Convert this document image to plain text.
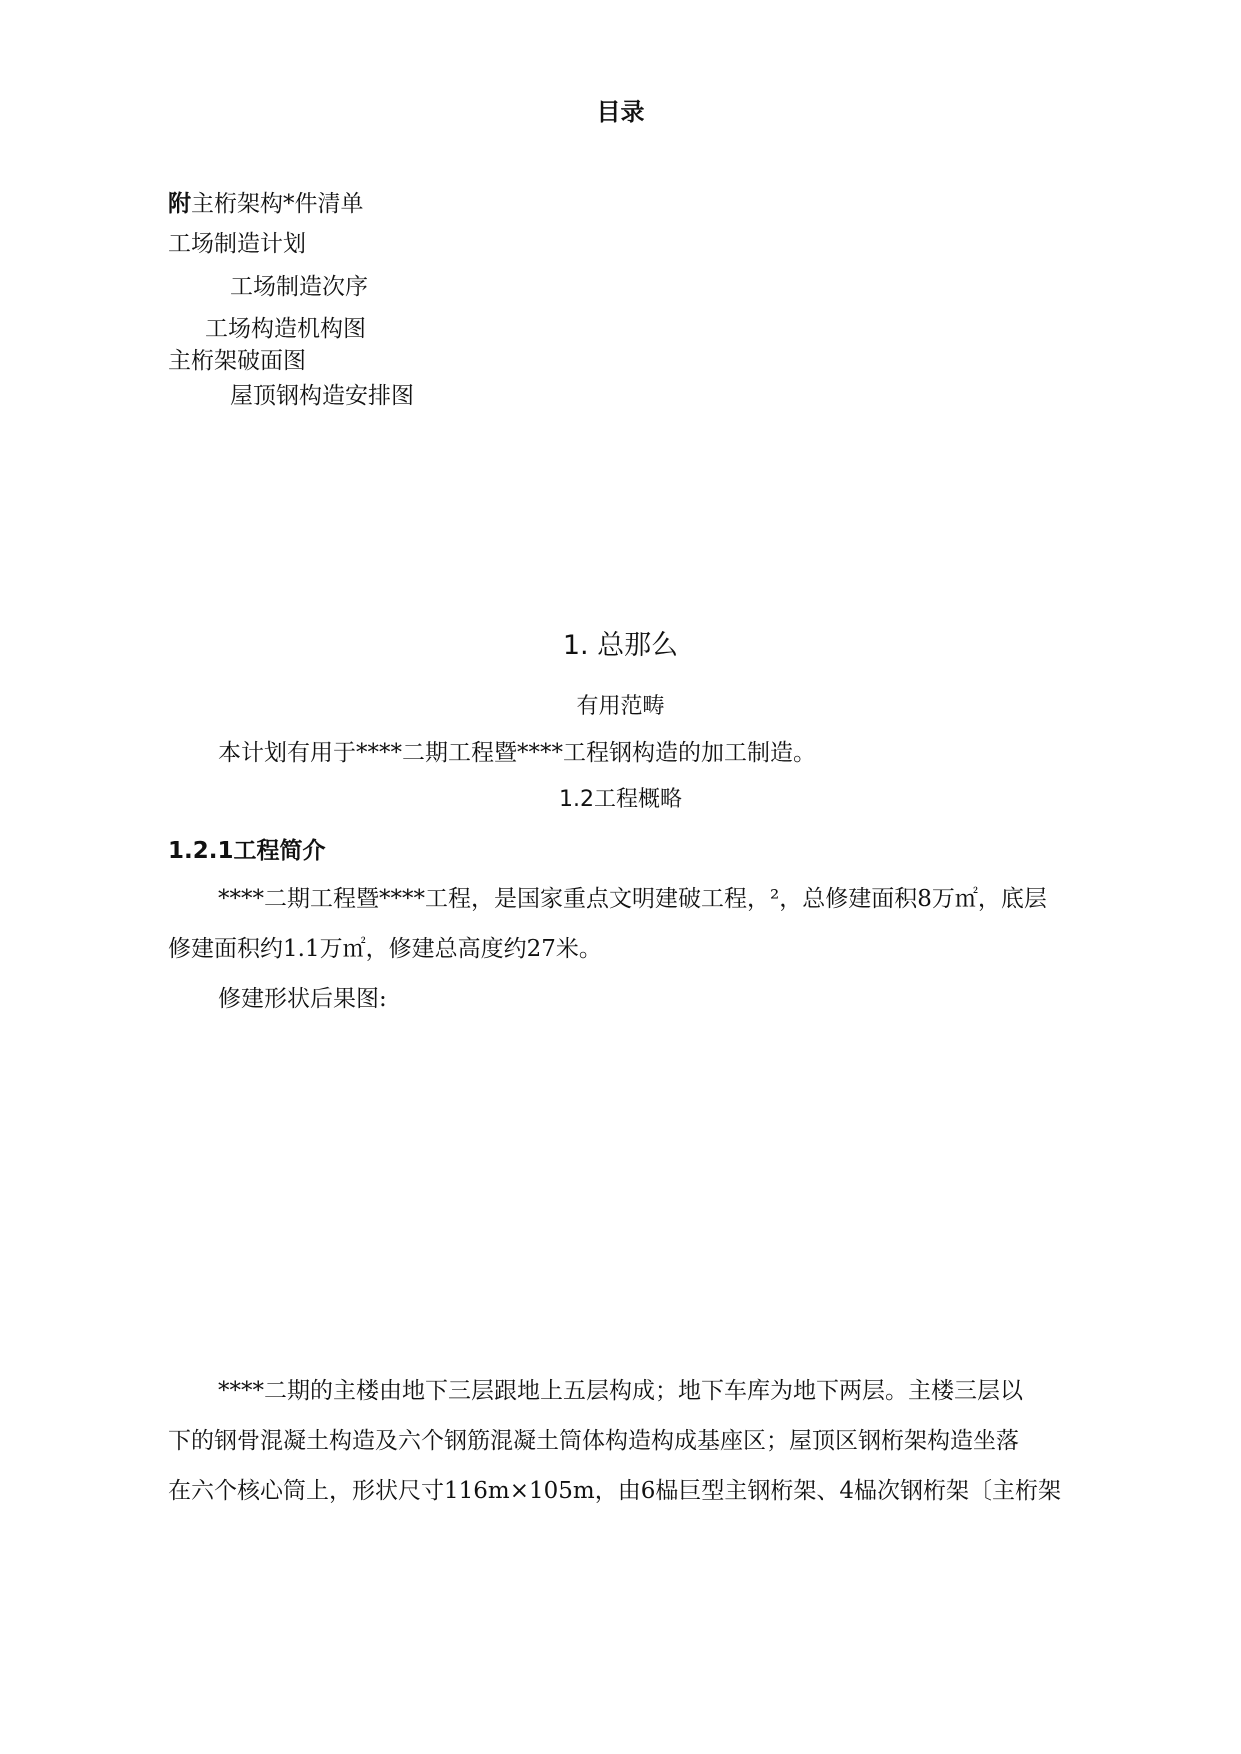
目录
附主桁架构*件清单
工场制造计划
工场制造次序
工场构造机构图
主桁架破面图
屋顶钢构造安排图
1. 总那么
有用范畴
本计划有用于****二期工程暨****工程钢构造的加工制造。
1.2工程概略
1.2.1工程简介
****二期工程暨****工程，是国家重点文明建破工程，²，总修建面积8万㎡，底层
修建面积约1.1万㎡，修建总高度约27米。
修建形状后果图:
****二期的主楼由地下三层跟地上五层构成；地下车库为地下两层。主楼三层以
下的钢骨混凝土构造及六个钢筋混凝土筒体构造构成基座区；屋顶区钢桁架构造坐落
在六个核心筒上，形状尺寸116m×105m，由6榀巨型主钢桁架、4榀次钢桁架〔主桁架
